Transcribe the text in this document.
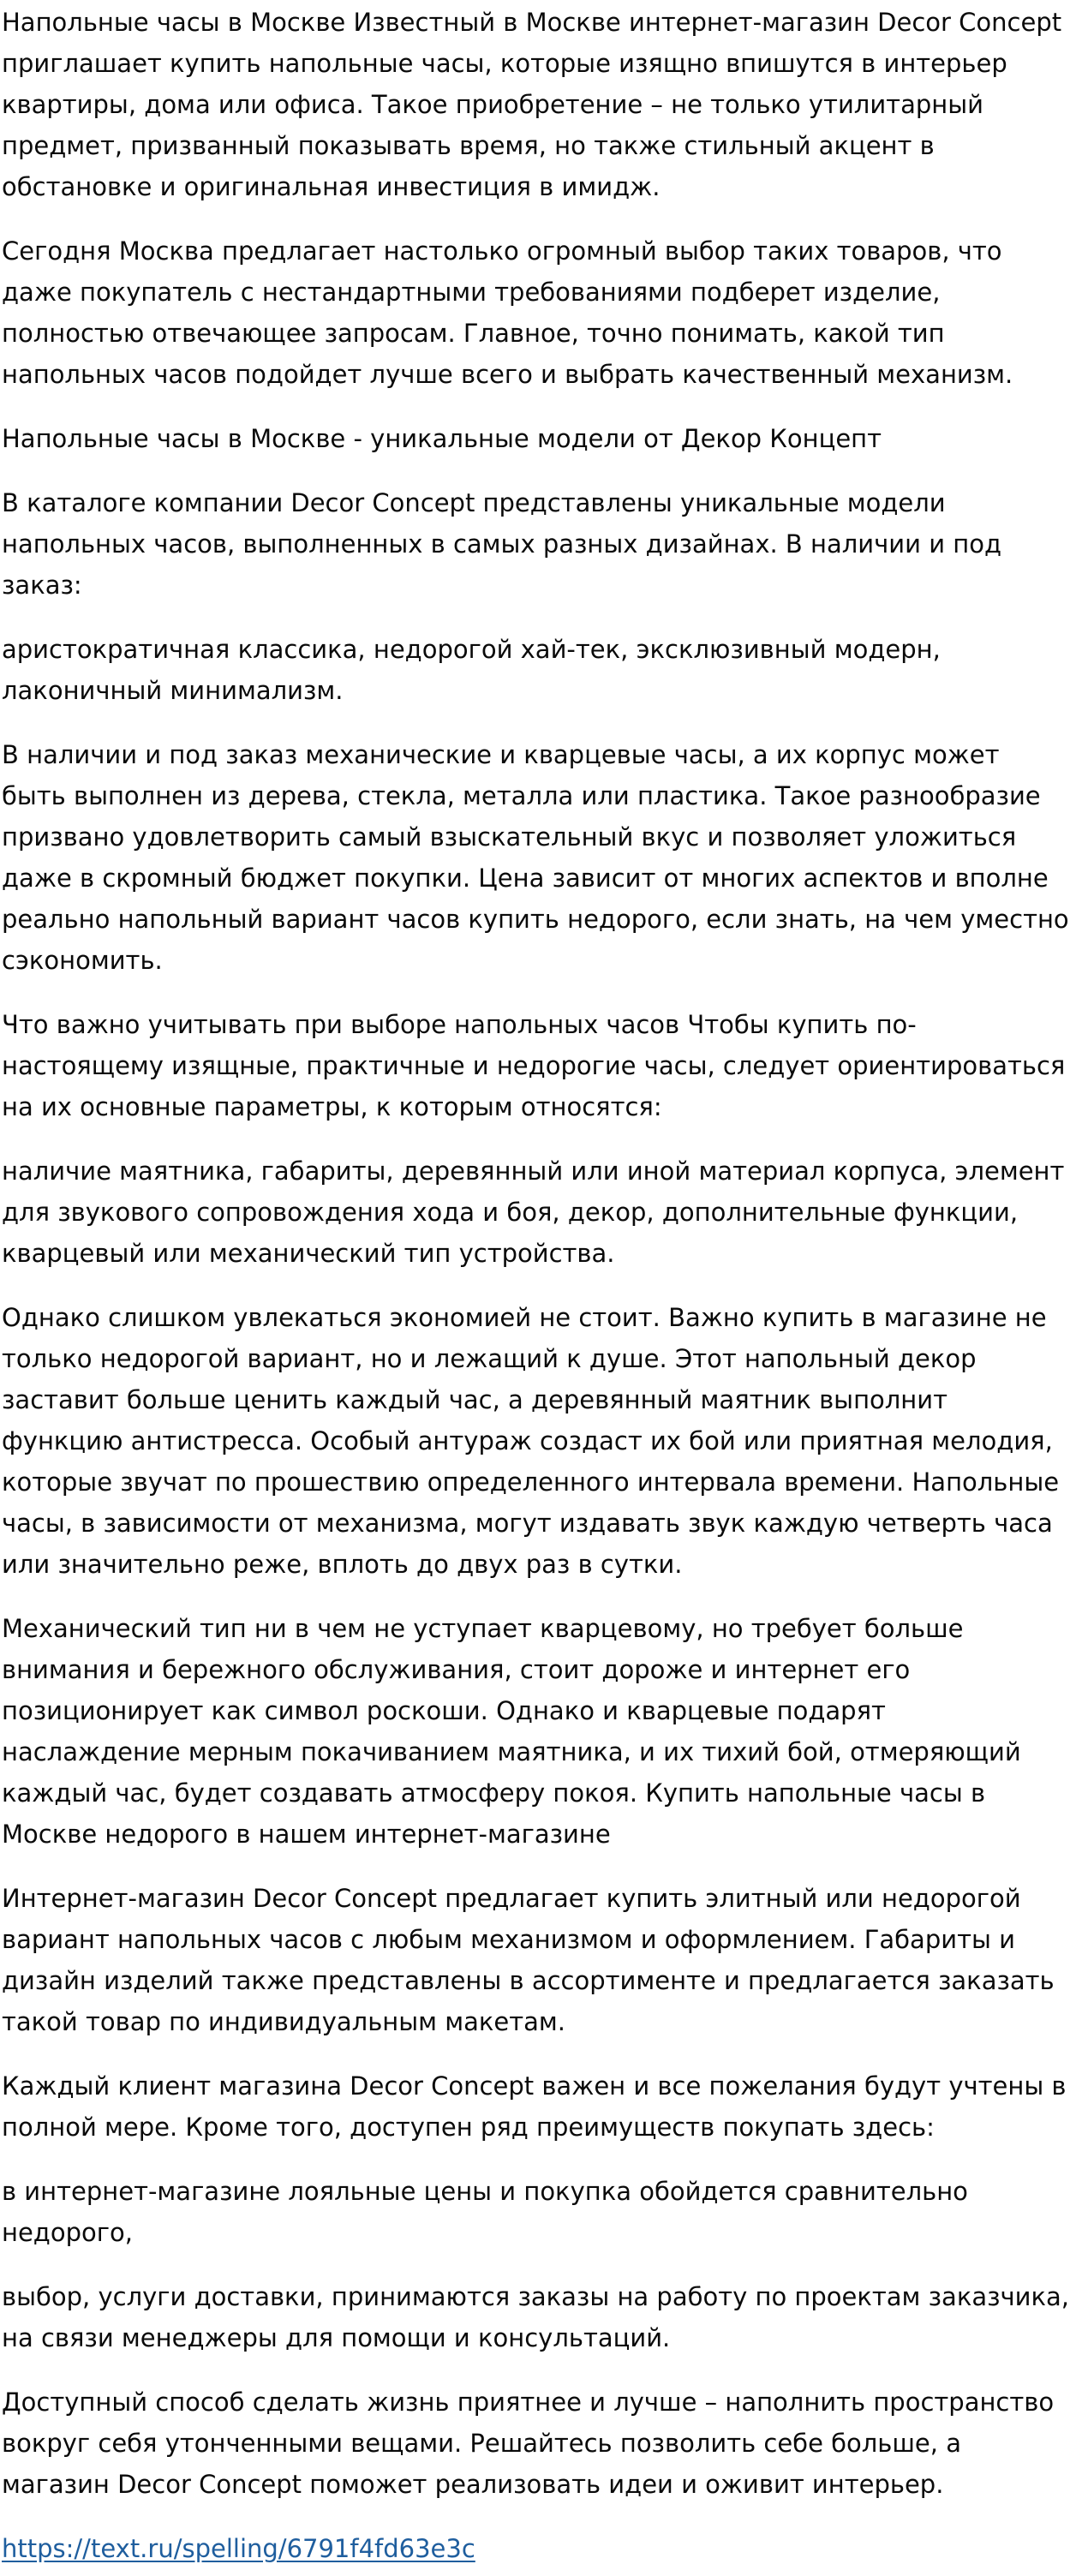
Напольные часы в Москве Известный в Москве интернет-магазин Decor Concept приглашает купить напольные часы, которые изящно впишутся в интерьер квартиры, дома или офиса. Такое приобретение – не только утилитарный предмет, призванный показывать время, но также стильный акцент в обстановке и оригинальная инвестиция в имидж.

Сегодня Москва предлагает настолько огромный выбор таких товаров, что даже покупатель с нестандартными требованиями подберет изделие, полностью отвечающее запросам. Главное, точно понимать, какой тип напольных часов подойдет лучше всего и выбрать качественный механизм.

Напольные часы в Москве - уникальные модели от Декор Концепт

В каталоге компании Decor Concept представлены уникальные модели напольных часов, выполненных в самых разных дизайнах. В наличии и под заказ:

аристократичная классика, недорогой хай-тек, эксклюзивный модерн, лаконичный минимализм.

В наличии и под заказ механические и кварцевые часы, а их корпус может быть выполнен из дерева, стекла, металла или пластика. Такое разнообразие призвано удовлетворить самый взыскательный вкус и позволяет уложиться даже в скромный бюджет покупки. Цена зависит от многих аспектов и вполне реально напольный вариант часов купить недорого, если знать, на чем уместно сэкономить.

Что важно учитывать при выборе напольных часов Чтобы купить по-настоящему изящные, практичные и недорогие часы, следует ориентироваться на их основные параметры, к которым относятся:

наличие маятника, габариты, деревянный или иной материал корпуса, элемент для звукового сопровождения хода и боя, декор, дополнительные функции, кварцевый или механический тип устройства.

Однако слишком увлекаться экономией не стоит. Важно купить в магазине не только недорогой вариант, но и лежащий к душе. Этот напольный декор заставит больше ценить каждый час, а деревянный маятник выполнит функцию антистресса. Особый антураж создаст их бой или приятная мелодия, которые звучат по прошествию определенного интервала времени. Напольные часы, в зависимости от механизма, могут издавать звук каждую четверть часа или значительно реже, вплоть до двух раз в сутки.

Механический тип ни в чем не уступает кварцевому, но требует больше внимания и бережного обслуживания, стоит дороже и интернет его позиционирует как символ роскоши. Однако и кварцевые подарят наслаждение мерным покачиванием маятника, и их тихий бой, отмеряющий каждый час, будет создавать атмосферу покоя. Купить напольные часы в Москве недорого в нашем интернет-магазине

Интернет-магазин Decor Concept предлагает купить элитный или недорогой вариант напольных часов с любым механизмом и оформлением. Габариты и дизайн изделий также представлены в ассортименте и предлагается заказать такой товар по индивидуальным макетам.

Каждый клиент магазина Decor Concept важен и все пожелания будут учтены в полной мере. Кроме того, доступен ряд преимуществ покупать здесь:

в интернет-магазине лояльные цены и покупка обойдется сравнительно недорого,

выбор, услуги доставки, принимаются заказы на работу по проектам заказчика, на связи менеджеры для помощи и консультаций.

Доступный способ сделать жизнь приятнее и лучше – наполнить пространство вокруг себя утонченными вещами. Решайтесь позволить себе больше, а магазин Decor Concept поможет реализовать идеи и оживит интерьер.

https://text.ru/spelling/6791f4fd63e3c
